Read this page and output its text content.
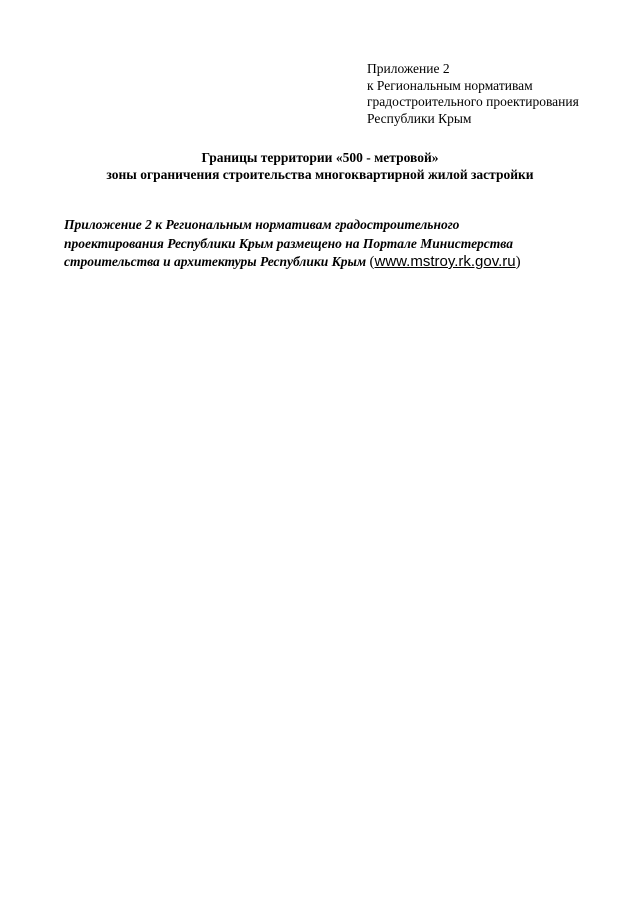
Приложение 2
к Региональным нормативам
градостроительного проектирования
Республики Крым
Границы территории «500 - метровой»
зоны ограничения строительства многоквартирной жилой застройки
Приложение 2 к Региональным нормативам градостроительного
проектирования Республики Крым размещено на Портале Министерства
строительства и архитектуры Республики Крым (www.mstroy.rk.gov.ru)
